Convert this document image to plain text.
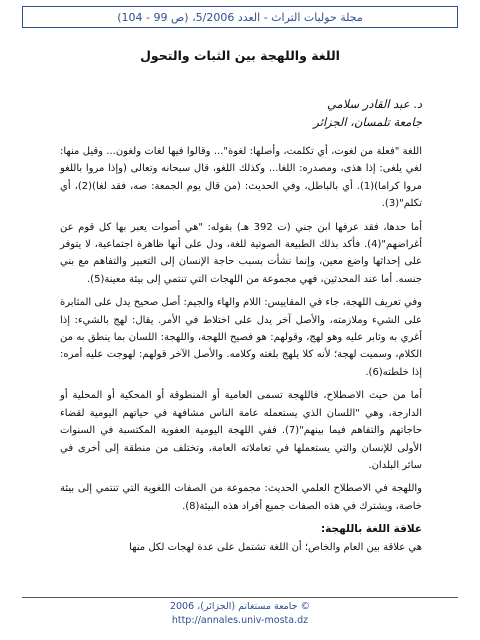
مجلة حوليات التراث - العدد 5/2006، (ص 99 - 104)
اللغة واللهجة بين الثبات والتحول
د. عبد القادر سلامي
جامعة تلمسان، الجزائر

اللغة "فعلة من لغوت، أي تكلمت، وأصلها: لغوة"... وقالوا فيها لغات ولغون... وقيل منها: لغي يلغى: إذا هذى، ومصدره: اللغا... وكذلك اللغو، قال سبحانه وتعالى (وإذا مروا باللغو مروا كراما)(1). أي بالباطل، وفي الحديث: (من قال يوم الجمعة: صه، فقد لغا)(2)، أي تكلم"(3).

أما حدها، فقد عرفها ابن جني (ت 392 هـ) بقوله: "هي أصوات يعبر بها كل قوم عن أغراضهم"(4). فأكد بذلك الطبيعة الصوتية للغة، ودل على أنها ظاهرة اجتماعية، لا يتوفر على إحداثها واضع معين، وإنما نشأت بسبب حاجة الإنسان إلى التعبير والتفاهم مع بني جنسه. أما عند المحدثين، فهي مجموعة من اللهجات التي تنتمي إلى بيئة معينة(5).

وفي تعريف اللهجة، جاء في المقاييس: اللام والهاء والجيم: أصل صحيح يدل على المثابرة على الشيء وملازمته، والأصل آخر يدل على اختلاط في الأمر. يقال: لهج بالشيء: إذا أغري به وثابر عليه وهو لهج، وقولهم: هو فصيح اللهجة، واللهجة: اللسان بما ينطق به من الكلام، وسميت لهجة؛ لأنه كلا يلهج بلغته وكلامه. والأصل الآخر قولهم: لهوجت عليه أمره: إذا خلطته(6).

أما من حيث الاصطلاح، فاللهجة تسمى العامية أو المنطوقة أو المحكية أو المحلية أو الدارجة، وهي "اللسان الذي يستعمله عامة الناس مشافهة في حياتهم اليومية لقضاء حاجاتهم والتفاهم فيما بينهم"(7). ففي اللهجة اليومية العفوية المكتسبة في السنوات الأولى للإنسان والتي يستعملها في تعاملاته العامة، وتختلف من منطقة إلى أخرى في سائر البلدان.

واللهجة في الاصطلاح العلمي الحديث: مجموعة من الصفات اللغوية التي تنتمي إلى بيئة خاصة، ويشترك في هذه الصفات جميع أفراد هذه البيئة(8).

علاقة اللغة باللهجة:

هي علاقة بين العام والخاص؛ أن اللغة تشتمل على عدة لهجات لكل منها

© جامعة مستغانم (الجزائر)، 2006
http://annales.univ-mosta.dz
